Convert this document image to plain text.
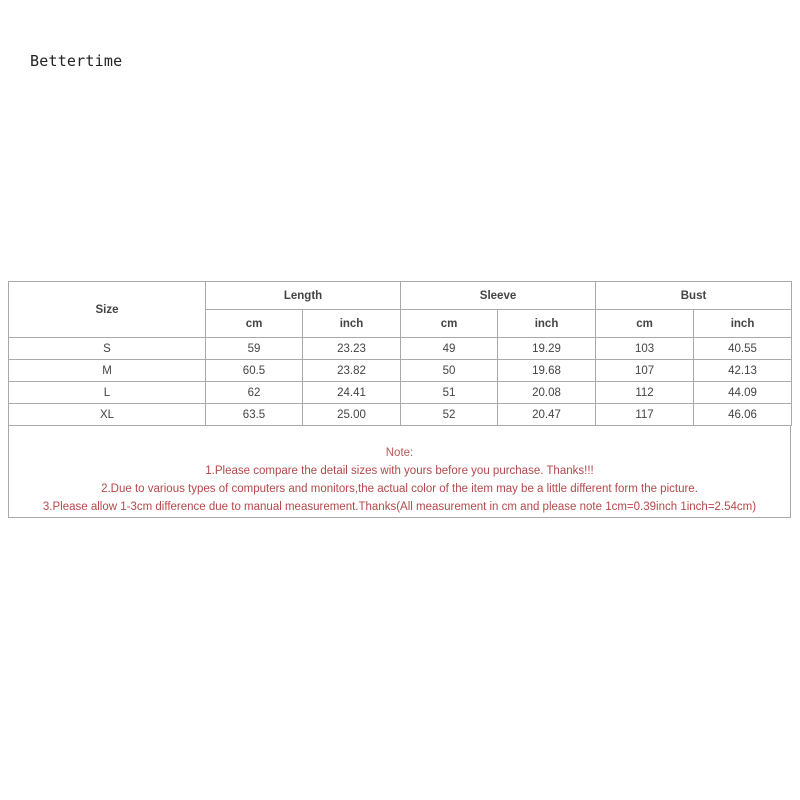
Bettertime
Size	Length		Sleeve		Bust	
	cm	inch	cm	inch	cm	inch
S	59	23.23	49	19.29	103	40.55
M	60.5	23.82	50	19.68	107	42.13
L	62	24.41	51	20.08	112	44.09
XL	63.5	25.00	52	20.47	117	46.06
Note:
1.Please compare the detail sizes with yours before you purchase. Thanks!!!
2.Due to various types of computers and monitors,the actual color of the item may be a little different form the picture.
3.Please allow 1-3cm difference due to manual measurement.Thanks(All measurement in cm and please note 1cm=0.39inch 1inch=2.54cm)
